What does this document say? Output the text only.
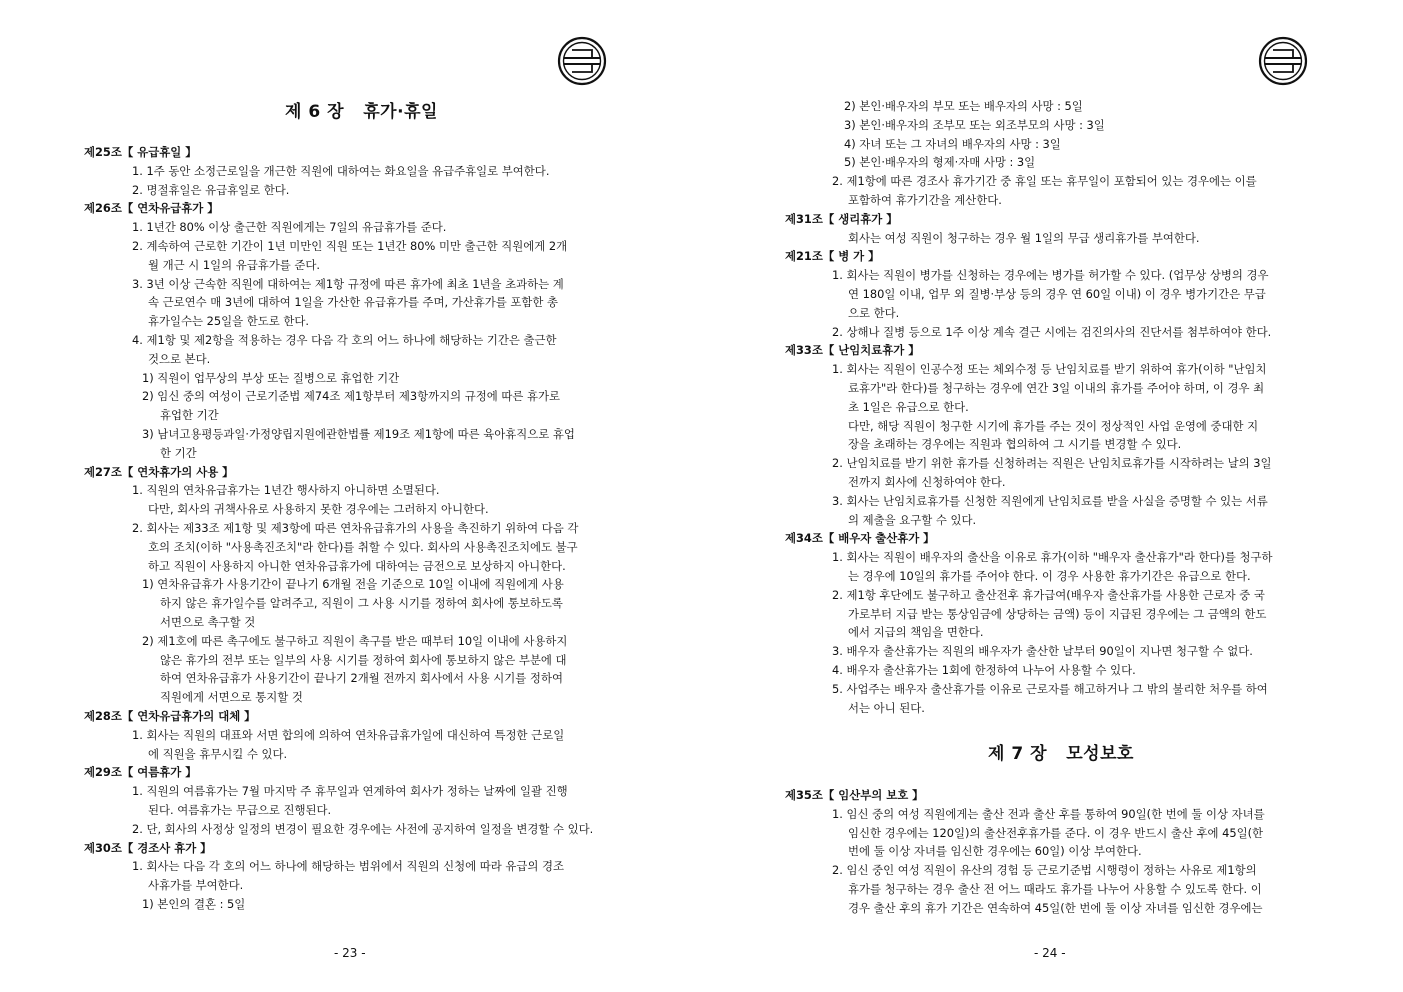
제 6 장   휴가·휴일
제25조【 유급휴일 】
1. 1주 동안 소정근로일을 개근한 직원에 대하여는 화요일을 유급주휴일로 부여한다.
2. 명절휴일은 유급휴일로 한다.
제26조【 연차유급휴가 】
1. 1년간 80% 이상 출근한 직원에게는 7일의 유급휴가를 준다.
2. 계속하여 근로한 기간이 1년 미만인 직원 또는 1년간 80% 미만 출근한 직원에게 2개
월 개근 시 1일의 유급휴가를 준다.
3. 3년 이상 근속한 직원에 대하여는 제1항 규정에 따른 휴가에 최초 1년을 초과하는 계
속 근로연수 매 3년에 대하여 1일을 가산한 유급휴가를 주며, 가산휴가를 포함한 총
휴가일수는 25일을 한도로 한다.
4. 제1항 및 제2항을 적용하는 경우 다음 각 호의 어느 하나에 해당하는 기간은 출근한
것으로 본다.
1) 직원이 업무상의 부상 또는 질병으로 휴업한 기간
2) 임신 중의 여성이 근로기준법 제74조 제1항부터 제3항까지의 규정에 따른 휴가로
휴업한 기간
3) 남녀고용평등과일·가정양립지원에관한법률 제19조 제1항에 따른 육아휴직으로 휴업
한 기간
제27조【 연차휴가의 사용 】
1. 직원의 연차유급휴가는 1년간 행사하지 아니하면 소멸된다.
다만, 회사의 귀책사유로 사용하지 못한 경우에는 그러하지 아니한다.
2. 회사는 제33조 제1항 및 제3항에 따른 연차유급휴가의 사용을 촉진하기 위하여 다음 각
호의 조치(이하 "사용촉진조치"라 한다)를 취할 수 있다. 회사의 사용촉진조치에도 불구
하고 직원이 사용하지 아니한 연차유급휴가에 대하여는 금전으로 보상하지 아니한다.
1) 연차유급휴가 사용기간이 끝나기 6개월 전을 기준으로 10일 이내에 직원에게 사용
하지 않은 휴가일수를 알려주고, 직원이 그 사용 시기를 정하여 회사에 통보하도록
서면으로 촉구할 것
2) 제1호에 따른 촉구에도 불구하고 직원이 촉구를 받은 때부터 10일 이내에 사용하지
않은 휴가의 전부 또는 일부의 사용 시기를 정하여 회사에 통보하지 않은 부분에 대
하여 연차유급휴가 사용기간이 끝나기 2개월 전까지 회사에서 사용 시기를 정하여
직원에게 서면으로 통지할 것
제28조【 연차유급휴가의 대체 】
1. 회사는 직원의 대표와 서면 합의에 의하여 연차유급휴가일에 대신하여 특정한 근로일
에 직원을 휴무시킬 수 있다.
제29조【 여름휴가 】
1. 직원의 여름휴가는 7월 마지막 주 휴무일과 연계하여 회사가 정하는 날짜에 일괄 진행
된다. 여름휴가는 무급으로 진행된다.
2. 단, 회사의 사정상 일정의 변경이 필요한 경우에는 사전에 공지하여 일정을 변경할 수 있다.
제30조【 경조사 휴가 】
1. 회사는 다음 각 호의 어느 하나에 해당하는 범위에서 직원의 신청에 따라 유급의 경조
사휴가를 부여한다.
1) 본인의 결혼 : 5일
- 23 -
2) 본인·배우자의 부모 또는 배우자의 사망 : 5일
3) 본인·배우자의 조부모 또는 외조부모의 사망 : 3일
4) 자녀 또는 그 자녀의 배우자의 사망 : 3일
5) 본인·배우자의 형제·자매 사망 : 3일
2. 제1항에 따른 경조사 휴가기간 중 휴일 또는 휴무일이 포함되어 있는 경우에는 이를
포함하여 휴가기간을 계산한다.
제31조【 생리휴가 】
회사는 여성 직원이 청구하는 경우 월 1일의 무급 생리휴가를 부여한다.
제21조【 병 가 】
1. 회사는 직원이 병가를 신청하는 경우에는 병가를 허가할 수 있다. (업무상 상병의 경우
연 180일 이내, 업무 외 질병·부상 등의 경우 연 60일 이내) 이 경우 병가기간은 무급
으로 한다.
2. 상해나 질병 등으로 1주 이상 계속 결근 시에는 검진의사의 진단서를 첨부하여야 한다.
제33조【 난임치료휴가 】
1. 회사는 직원이 인공수정 또는 체외수정 등 난임치료를 받기 위하여 휴가(이하 "난임치
료휴가"라 한다)를 청구하는 경우에 연간 3일 이내의 휴가를 주어야 하며, 이 경우 최
초 1일은 유급으로 한다.
다만, 해당 직원이 청구한 시기에 휴가를 주는 것이 정상적인 사업 운영에 중대한 지
장을 초래하는 경우에는 직원과 협의하여 그 시기를 변경할 수 있다.
2. 난임치료를 받기 위한 휴가를 신청하려는 직원은 난임치료휴가를 시작하려는 날의 3일
전까지 회사에 신청하여야 한다.
3. 회사는 난임치료휴가를 신청한 직원에게 난임치료를 받을 사실을 증명할 수 있는 서류
의 제출을 요구할 수 있다.
제34조【 배우자 출산휴가 】
1. 회사는 직원이 배우자의 출산을 이유로 휴가(이하 "배우자 출산휴가"라 한다)를 청구하
는 경우에 10일의 휴가를 주어야 한다. 이 경우 사용한 휴가기간은 유급으로 한다.
2. 제1항 후단에도 불구하고 출산전후 휴가급여(배우자 출산휴가를 사용한 근로자 중 국
가로부터 지급 받는 통상임금에 상당하는 금액) 등이 지급된 경우에는 그 금액의 한도
에서 지급의 책임을 면한다.
3. 배우자 출산휴가는 직원의 배우자가 출산한 날부터 90일이 지나면 청구할 수 없다.
4. 배우자 출산휴가는 1회에 한정하여 나누어 사용할 수 있다.
5. 사업주는 배우자 출산휴가를 이유로 근로자를 해고하거나 그 밖의 불리한 처우를 하여
서는 아니 된다.
제 7 장   모성보호
제35조【 임산부의 보호 】
1. 임신 중의 여성 직원에게는 출산 전과 출산 후를 통하여 90일(한 번에 둘 이상 자녀를
임신한 경우에는 120일)의 출산전후휴가를 준다. 이 경우 반드시 출산 후에 45일(한
번에 둘 이상 자녀를 임신한 경우에는 60일) 이상 부여한다.
2. 임신 중인 여성 직원이 유산의 경험 등 근로기준법 시행령이 정하는 사유로 제1항의
휴가를 청구하는 경우 출산 전 어느 때라도 휴가를 나누어 사용할 수 있도록 한다. 이
경우 출산 후의 휴가 기간은 연속하여 45일(한 번에 둘 이상 자녀를 임신한 경우에는
- 24 -
